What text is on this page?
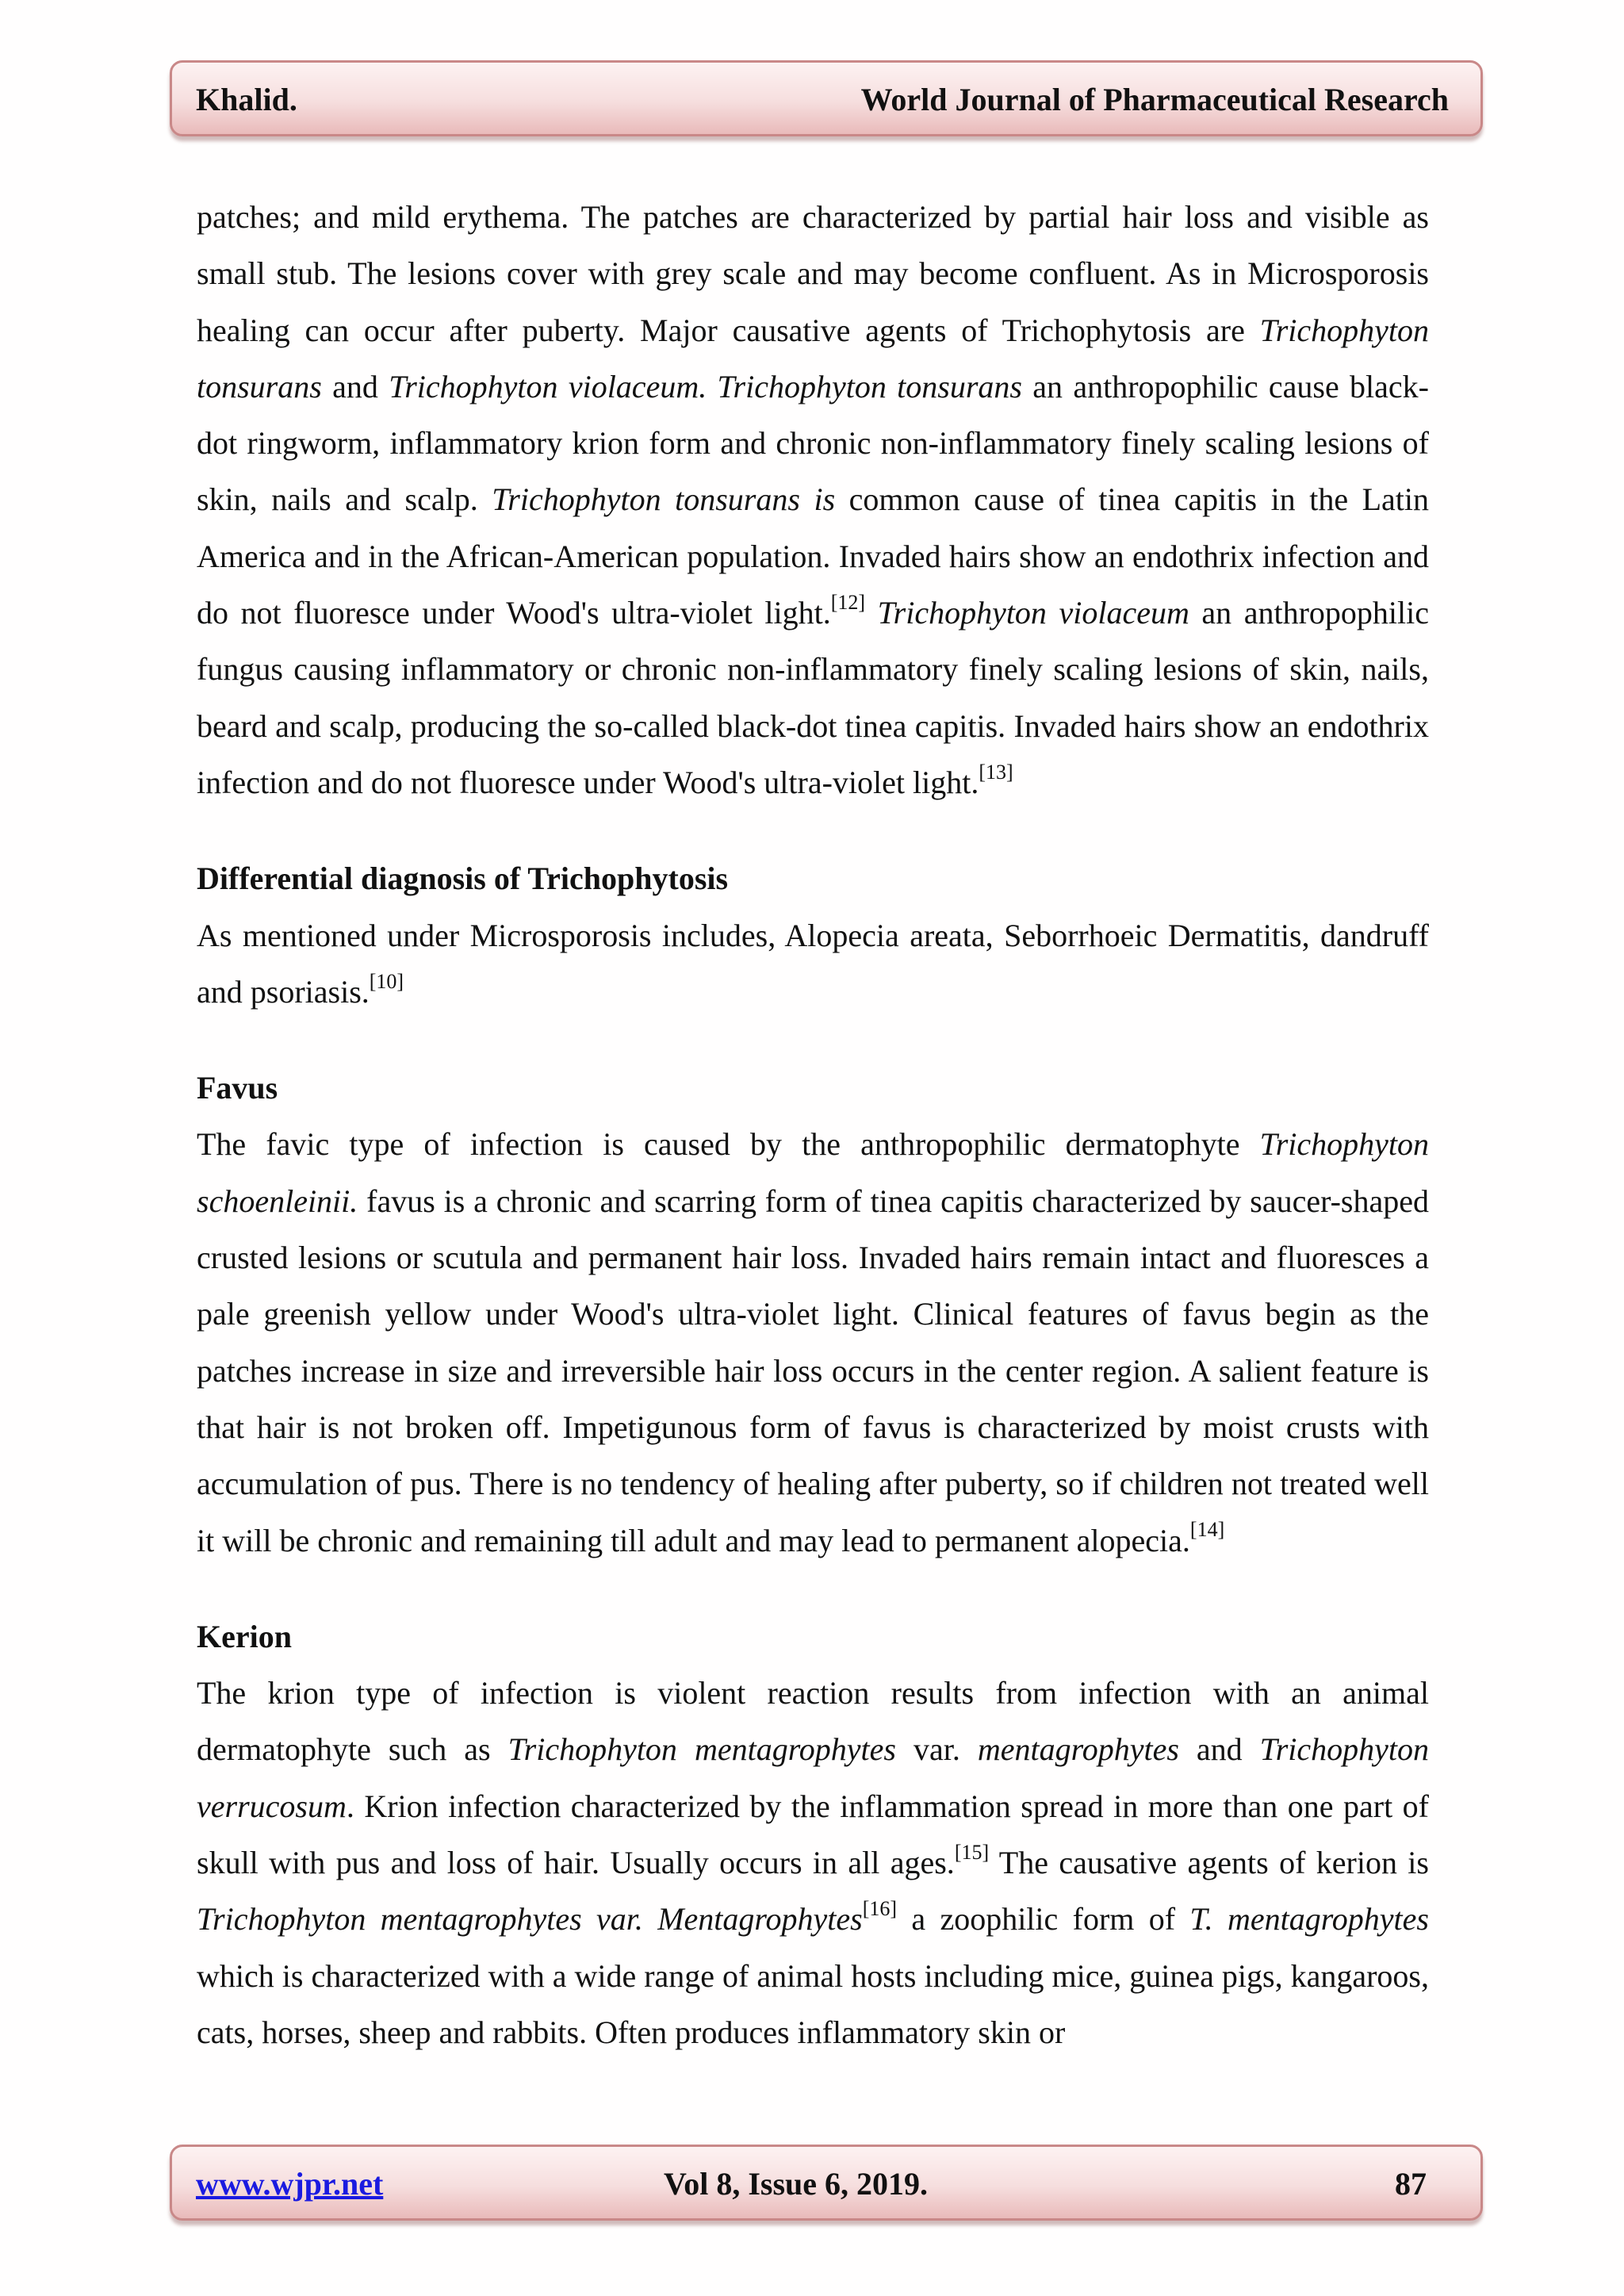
Khalid.	World Journal of Pharmaceutical Research

patches; and mild erythema. The patches are characterized by partial hair loss and visible as small stub. The lesions cover with grey scale and may become confluent. As in Microsporosis healing can occur after puberty. Major causative agents of Trichophytosis are Trichophyton tonsurans and Trichophyton violaceum. Trichophyton tonsurans an anthropophilic cause black-dot ringworm, inflammatory krion form and chronic non-inflammatory finely scaling lesions of skin, nails and scalp. Trichophyton tonsurans is common cause of tinea capitis in the Latin America and in the African-American population. Invaded hairs show an endothrix infection and do not fluoresce under Wood's ultra-violet light.[12] Trichophyton violaceum an anthropophilic fungus causing inflammatory or chronic non-inflammatory finely scaling lesions of skin, nails, beard and scalp, producing the so-called black-dot tinea capitis. Invaded hairs show an endothrix infection and do not fluoresce under Wood's ultra-violet light.[13]

Differential diagnosis of Trichophytosis

As mentioned under Microsporosis includes, Alopecia areata, Seborrhoeic Dermatitis, dandruff and psoriasis.[10]

Favus

The favic type of infection is caused by the anthropophilic dermatophyte Trichophyton schoenleinii. favus is a chronic and scarring form of tinea capitis characterized by saucer-shaped crusted lesions or scutula and permanent hair loss. Invaded hairs remain intact and fluoresces a pale greenish yellow under Wood's ultra-violet light. Clinical features of favus begin as the patches increase in size and irreversible hair loss occurs in the center region. A salient feature is that hair is not broken off. Impetigunous form of favus is characterized by moist crusts with accumulation of pus. There is no tendency of healing after puberty, so if children not treated well it will be chronic and remaining till adult and may lead to permanent alopecia.[14]

Kerion

The krion type of infection is violent reaction results from infection with an animal dermatophyte such as Trichophyton mentagrophytes var. mentagrophytes and Trichophyton verrucosum. Krion infection characterized by the inflammation spread in more than one part of skull with pus and loss of hair. Usually occurs in all ages.[15] The causative agents of kerion is Trichophyton mentagrophytes var. Mentagrophytes[16] a zoophilic form of T. mentagrophytes which is characterized with a wide range of animal hosts including mice, guinea pigs, kangaroos, cats, horses, sheep and rabbits. Often produces inflammatory skin or

www.wjpr.net	Vol 8, Issue 6, 2019.	87
